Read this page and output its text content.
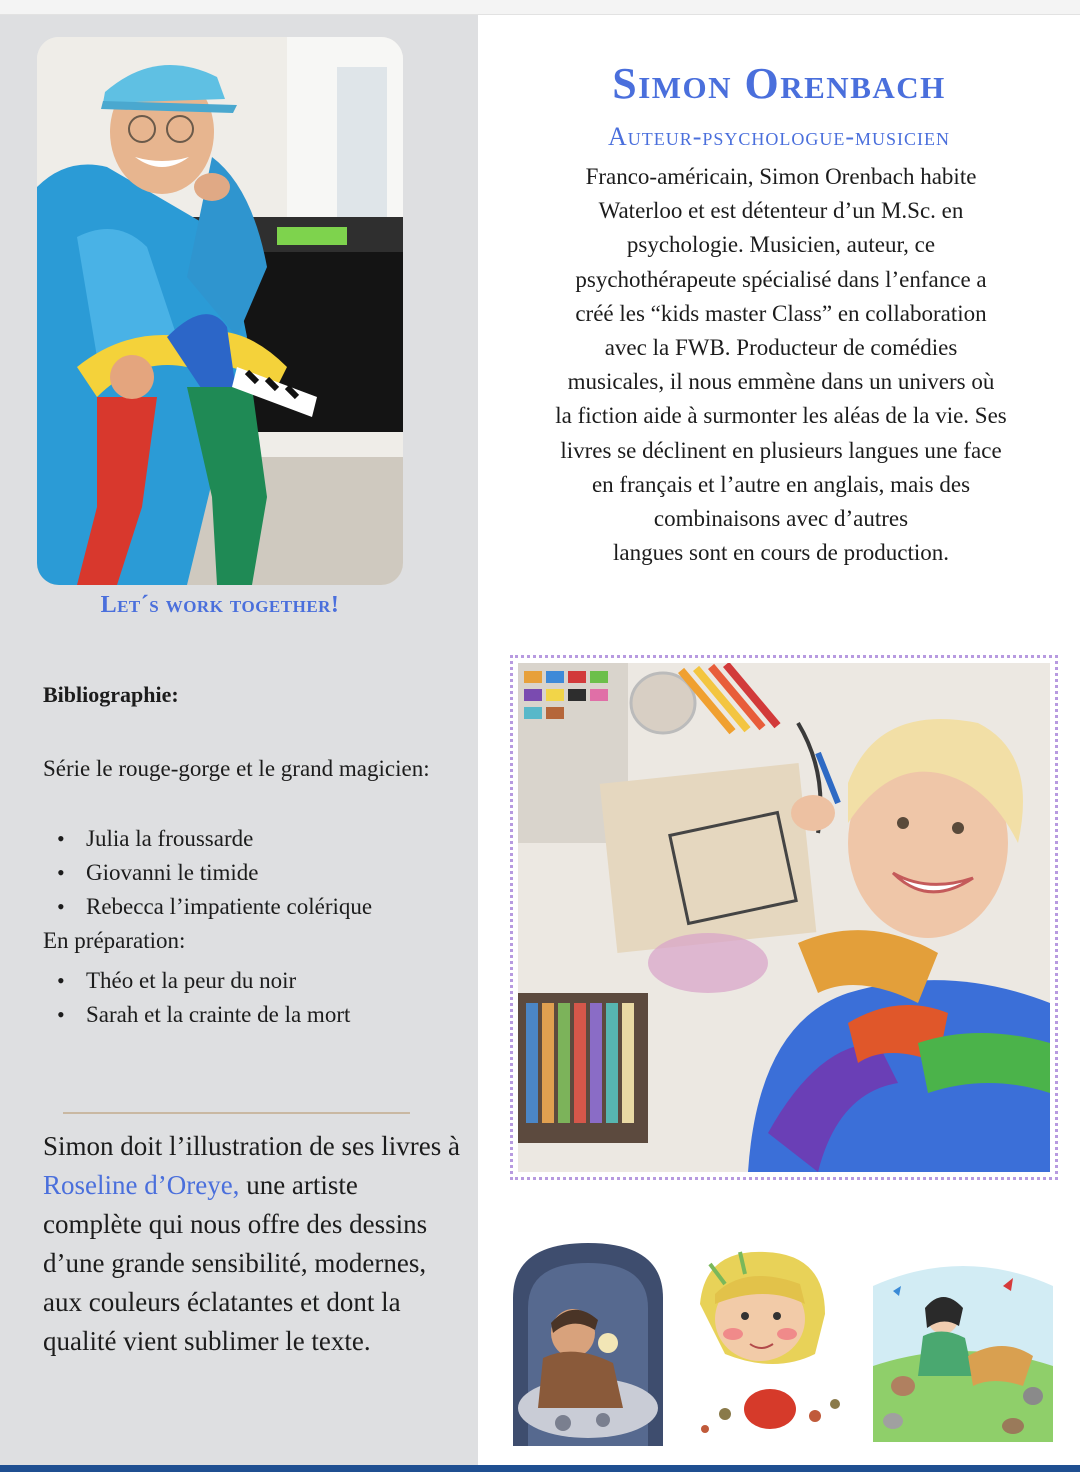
Let´s work together!
Bibliographie:
Série le rouge-gorge et le grand magicien:
• Julia la froussarde
• Giovanni le timide
• Rebecca l’impatiente colérique
En préparation:
• Théo et la peur du noir
• Sarah et la crainte de la mort
Simon doit l’illustration de ses livres à Roseline d’Oreye, une artiste complète qui nous offre des dessins d’une grande sensibilité, modernes, aux couleurs éclatantes et dont la qualité vient sublimer le texte.
Simon Orenbach
Auteur-psychologue-musicien
Franco-américain, Simon Orenbach habite
Waterloo et est détenteur d’un M.Sc. en
psychologie. Musicien, auteur, ce
psychothérapeute spécialisé dans l’enfance a
créé les “kids master Class” en collaboration
avec la FWB. Producteur de comédies
musicales, il nous emmène dans un univers où
la fiction aide à surmonter les aléas de la vie. Ses
livres se déclinent en plusieurs langues une face
en français et l’autre en anglais, mais des
combinaisons avec d’autres
langues sont en cours de production.
